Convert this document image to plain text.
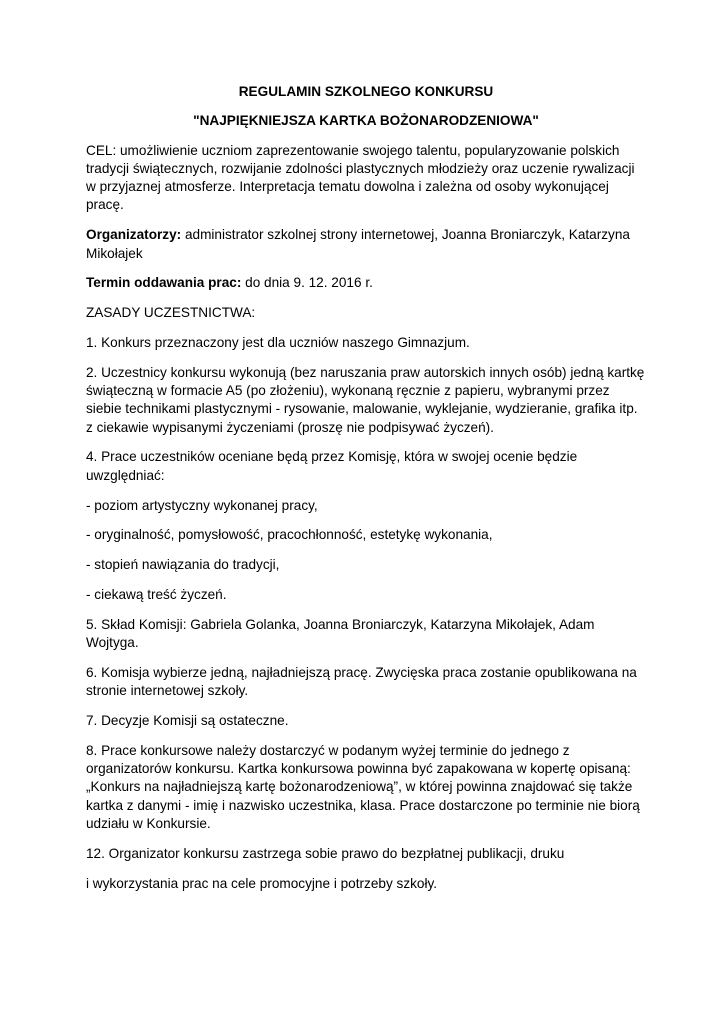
REGULAMIN SZKOLNEGO KONKURSU

"NAJPIĘKNIEJSZA KARTKA BOŻONARODZENIOWA"

CEL: umożliwienie uczniom zaprezentowanie swojego talentu, popularyzowanie polskich tradycji świątecznych, rozwijanie zdolności plastycznych młodzieży oraz uczenie rywalizacji w przyjaznej atmosferze. Interpretacja tematu dowolna i zależna od osoby wykonującej pracę.

Organizatorzy: administrator szkolnej strony internetowej, Joanna Broniarczyk, Katarzyna Mikołajek

Termin oddawania prac: do dnia 9. 12. 2016 r.

ZASADY UCZESTNICTWA:

1. Konkurs przeznaczony jest dla uczniów naszego Gimnazjum.

2. Uczestnicy konkursu wykonują (bez naruszania praw autorskich innych osób) jedną kartkę świąteczną w formacie A5 (po złożeniu), wykonaną ręcznie z papieru, wybranymi przez siebie technikami plastycznymi - rysowanie, malowanie, wyklejanie, wydzieranie, grafika itp. z ciekawie wypisanymi życzeniami (proszę nie podpisywać życzeń).

4. Prace uczestników oceniane będą przez Komisję, która w swojej ocenie będzie uwzględniać:

- poziom artystyczny wykonanej pracy,

- oryginalność, pomysłowość, pracochłonność, estetykę wykonania,

- stopień nawiązania do tradycji,

- ciekawą treść życzeń.

5. Skład Komisji: Gabriela Golanka, Joanna Broniarczyk, Katarzyna Mikołajek, Adam Wojtyga.

6. Komisja wybierze jedną, najładniejszą pracę. Zwycięska praca zostanie opublikowana na stronie internetowej szkoły.

7. Decyzje Komisji są ostateczne.

8. Prace konkursowe należy dostarczyć w podanym wyżej terminie do jednego z organizatorów konkursu. Kartka konkursowa powinna być zapakowana w kopertę opisaną: „Konkurs na najładniejszą kartę bożonarodzeniową”, w której powinna znajdować się także kartka z danymi - imię i nazwisko uczestnika, klasa. Prace dostarczone po terminie nie biorą udziału w Konkursie.

12. Organizator konkursu zastrzega sobie prawo do bezpłatnej publikacji, druku

i wykorzystania prac na cele promocyjne i potrzeby szkoły.
